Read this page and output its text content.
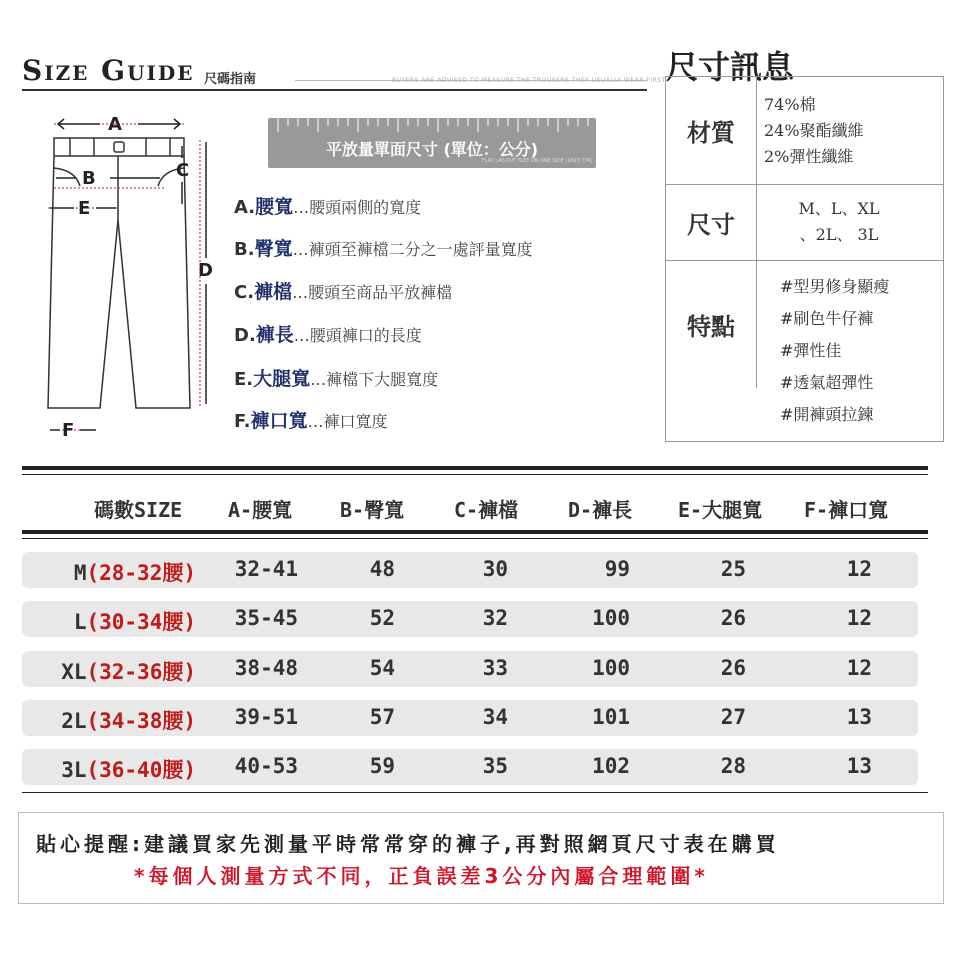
Size Guide 尺碼指南	BUYERS ARE ADVISED TO MEASURE THE TROUSERS THEY USUALLY WEAR FIRST 尺寸訊息
材質
74%棉
24%聚酯纖維
2%彈性纖維
尺寸
M、L、XL
、2L、 3L
特點
#型男修身顯瘦
#刷色牛仔褲
#彈性佳
#透氣超彈性
#開褲頭拉鍊
A
B	C
E
D
F
平放量單面尺寸 (單位：公分)
FLAT LAY-OUT SIZE ON ONE SIDE (UNIT: CM)
A.腰寬…腰頭兩側的寬度
B.臀寬…褲頭至褲檔二分之一處評量寬度
C.褲檔…腰頭至商品平放褲檔
D.褲長…腰頭褲口的長度
E.大腿寬…褲檔下大腿寬度
F.褲口寬…褲口寬度
碼數SIZE A-腰寬 B-臀寬 C-褲檔 D-褲長 E-大腿寬 F-褲口寬
M(28-32腰)	32-41	48	30	99	25	12
L(30-34腰)	35-45	52	32	100	26	12
XL(32-36腰)	38-48	54	33	100	26	12
2L(34-38腰)	39-51	57	34	101	27	13
3L(36-40腰)	40-53	59	35	102	28	13
貼心提醒:建議買家先測量平時常常穿的褲子,再對照網頁尺寸表在購買
*每個人測量方式不同，正負誤差3公分內屬合理範圍*
